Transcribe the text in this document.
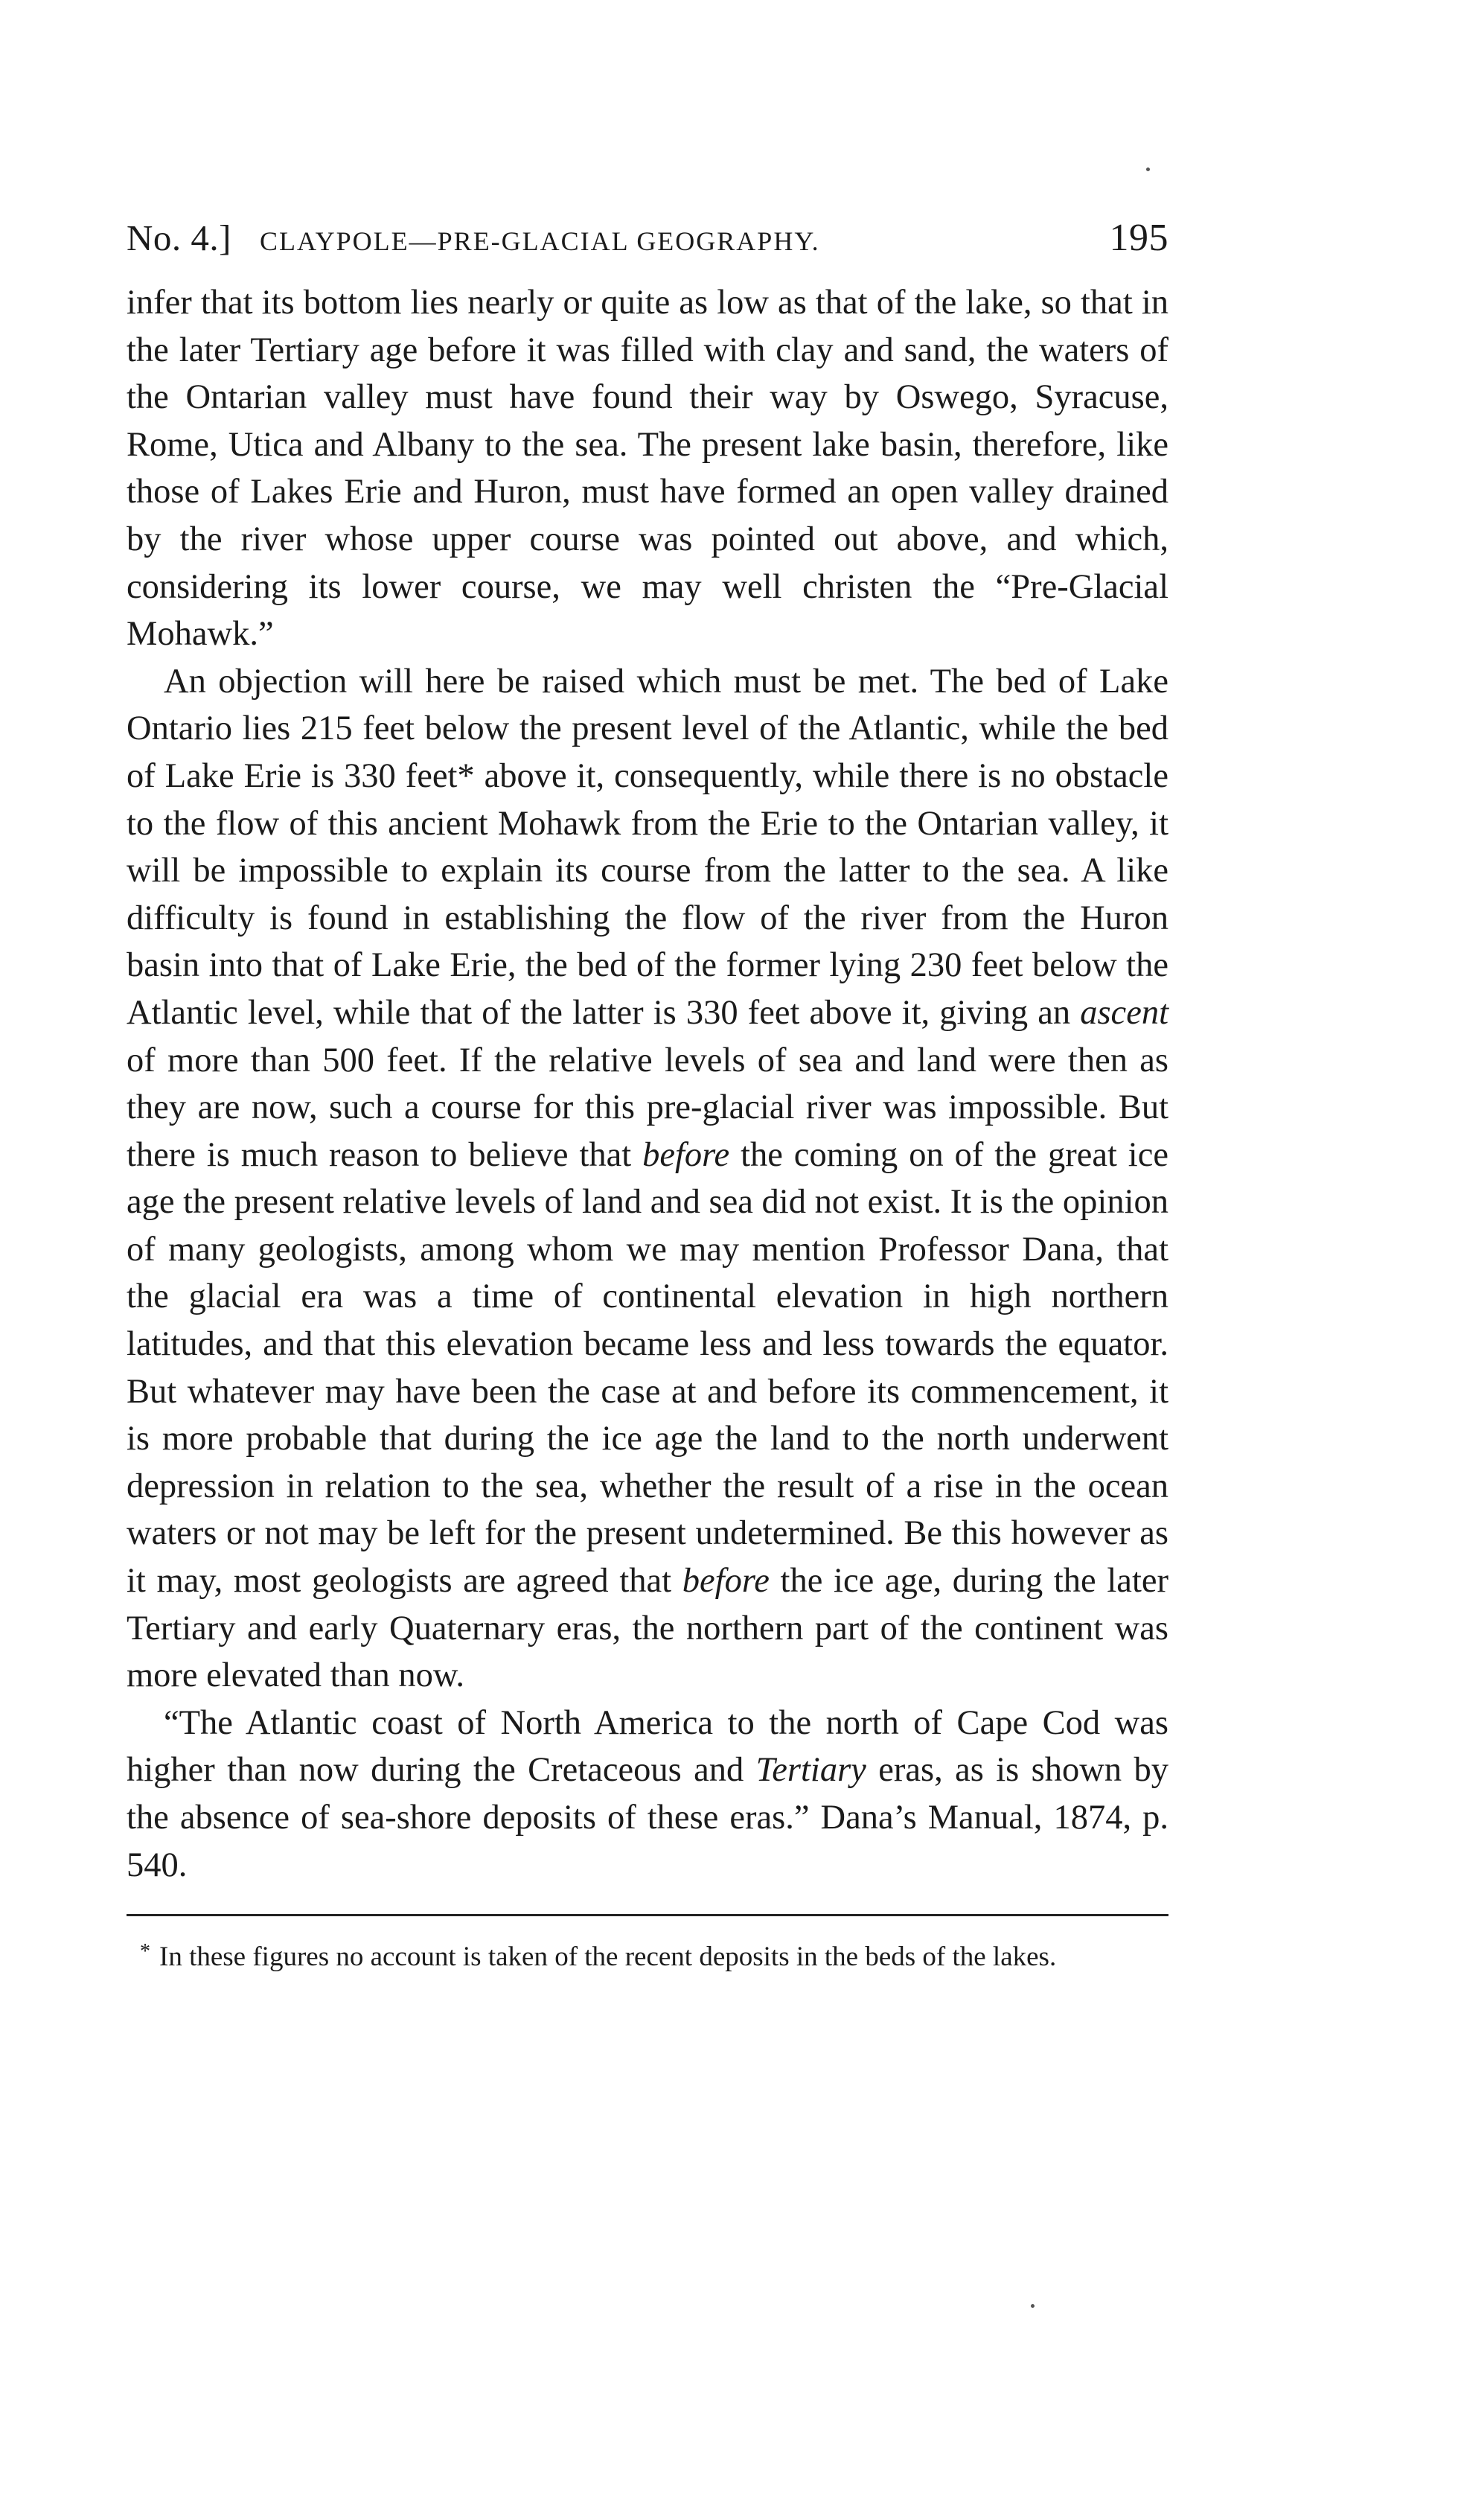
No. 4.] CLAYPOLE—PRE-GLACIAL GEOGRAPHY.	195

infer that its bottom lies nearly or quite as low as that of the lake, so that in the later Tertiary age before it was filled with clay and sand, the waters of the Ontarian valley must have found their way by Oswego, Syracuse, Rome, Utica and Albany to the sea. The present lake basin, therefore, like those of Lakes Erie and Huron, must have formed an open valley drained by the river whose upper course was pointed out above, and which, considering its lower course, we may well christen the “Pre-Glacial Mohawk.”

An objection will here be raised which must be met. The bed of Lake Ontario lies 215 feet below the present level of the Atlantic, while the bed of Lake Erie is 330 feet* above it, consequently, while there is no obstacle to the flow of this ancient Mohawk from the Erie to the Ontarian valley, it will be impossible to explain its course from the latter to the sea. A like difficulty is found in establishing the flow of the river from the Huron basin into that of Lake Erie, the bed of the former lying 230 feet below the Atlantic level, while that of the latter is 330 feet above it, giving an ascent of more than 500 feet. If the relative levels of sea and land were then as they are now, such a course for this pre-glacial river was impossible. But there is much reason to believe that before the coming on of the great ice age the present relative levels of land and sea did not exist. It is the opinion of many geologists, among whom we may mention Professor Dana, that the glacial era was a time of continental elevation in high northern latitudes, and that this elevation became less and less towards the equator. But whatever may have been the case at and before its commencement, it is more probable that during the ice age the land to the north underwent depression in relation to the sea, whether the result of a rise in the ocean waters or not may be left for the present undetermined. Be this however as it may, most geologists are agreed that before the ice age, during the later Tertiary and early Quaternary eras, the northern part of the continent was more elevated than now.

“The Atlantic coast of North America to the north of Cape Cod was higher than now during the Cretaceous and Tertiary eras, as is shown by the absence of sea-shore deposits of these eras.” Dana’s Manual, 1874, p. 540.

* In these figures no account is taken of the recent deposits in the beds of the lakes.
